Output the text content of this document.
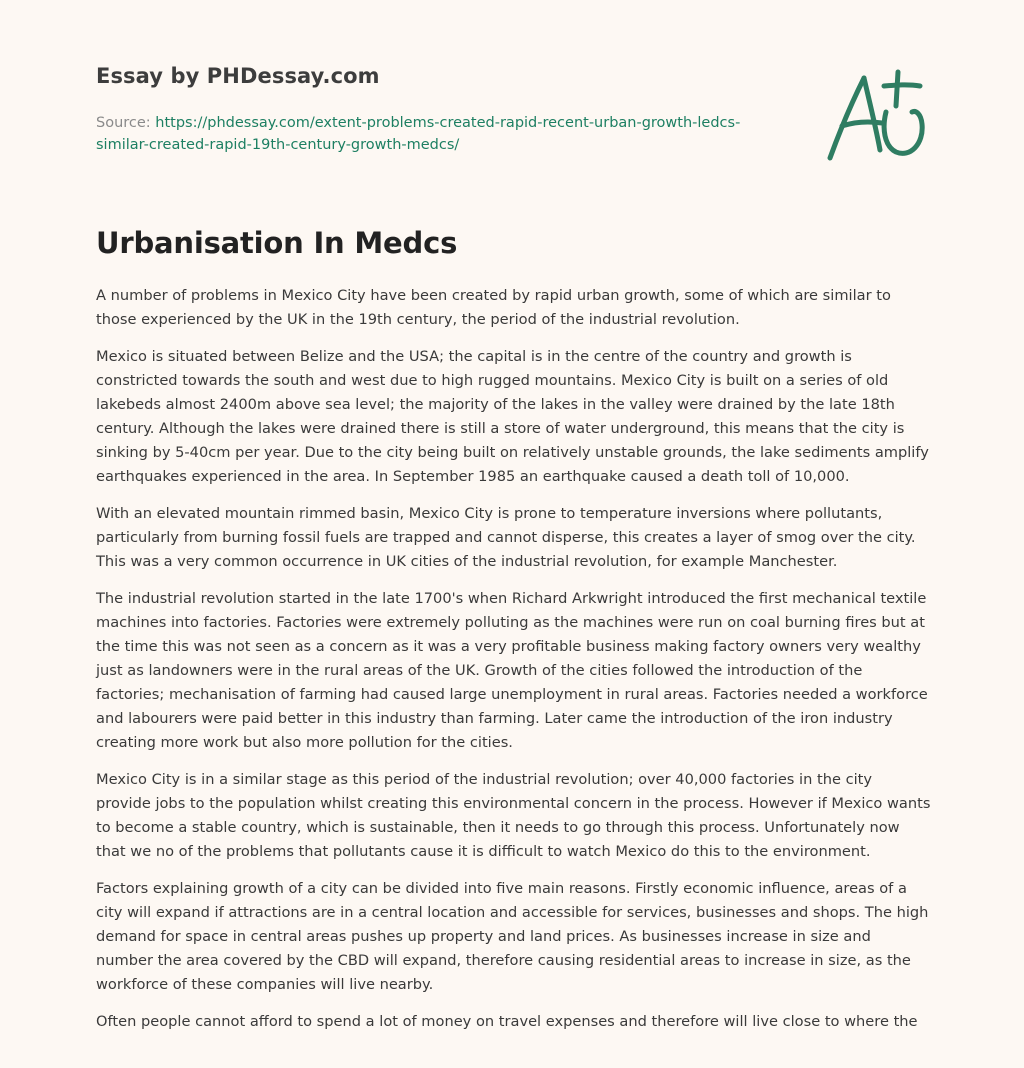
Essay by PHDessay.com
Source: https://phdessay.com/extent-problems-created-rapid-recent-urban-growth-ledcs-similar-created-rapid-19th-century-growth-medcs/
Urbanisation In Medcs

A number of problems in Mexico City have been created by rapid urban growth, some of which are similar to those experienced by the UK in the 19th century, the period of the industrial revolution.

Mexico is situated between Belize and the USA; the capital is in the centre of the country and growth is constricted towards the south and west due to high rugged mountains. Mexico City is built on a series of old lakebeds almost 2400m above sea level; the majority of the lakes in the valley were drained by the late 18th century. Although the lakes were drained there is still a store of water underground, this means that the city is sinking by 5-40cm per year. Due to the city being built on relatively unstable grounds, the lake sediments amplify earthquakes experienced in the area. In September 1985 an earthquake caused a death toll of 10,000.

With an elevated mountain rimmed basin, Mexico City is prone to temperature inversions where pollutants, particularly from burning fossil fuels are trapped and cannot disperse, this creates a layer of smog over the city. This was a very common occurrence in UK cities of the industrial revolution, for example Manchester.

The industrial revolution started in the late 1700's when Richard Arkwright introduced the first mechanical textile machines into factories. Factories were extremely polluting as the machines were run on coal burning fires but at the time this was not seen as a concern as it was a very profitable business making factory owners very wealthy just as landowners were in the rural areas of the UK. Growth of the cities followed the introduction of the factories; mechanisation of farming had caused large unemployment in rural areas. Factories needed a workforce and labourers were paid better in this industry than farming. Later came the introduction of the iron industry creating more work but also more pollution for the cities.

Mexico City is in a similar stage as this period of the industrial revolution; over 40,000 factories in the city provide jobs to the population whilst creating this environmental concern in the process. However if Mexico wants to become a stable country, which is sustainable, then it needs to go through this process. Unfortunately now that we no of the problems that pollutants cause it is difficult to watch Mexico do this to the environment.

Factors explaining growth of a city can be divided into five main reasons. Firstly economic influence, areas of a city will expand if attractions are in a central location and accessible for services, businesses and shops. The high demand for space in central areas pushes up property and land prices. As businesses increase in size and number the area covered by the CBD will expand, therefore causing residential areas to increase in size, as the workforce of these companies will live nearby.

Often people cannot afford to spend a lot of money on travel expenses and therefore will live close to where the
